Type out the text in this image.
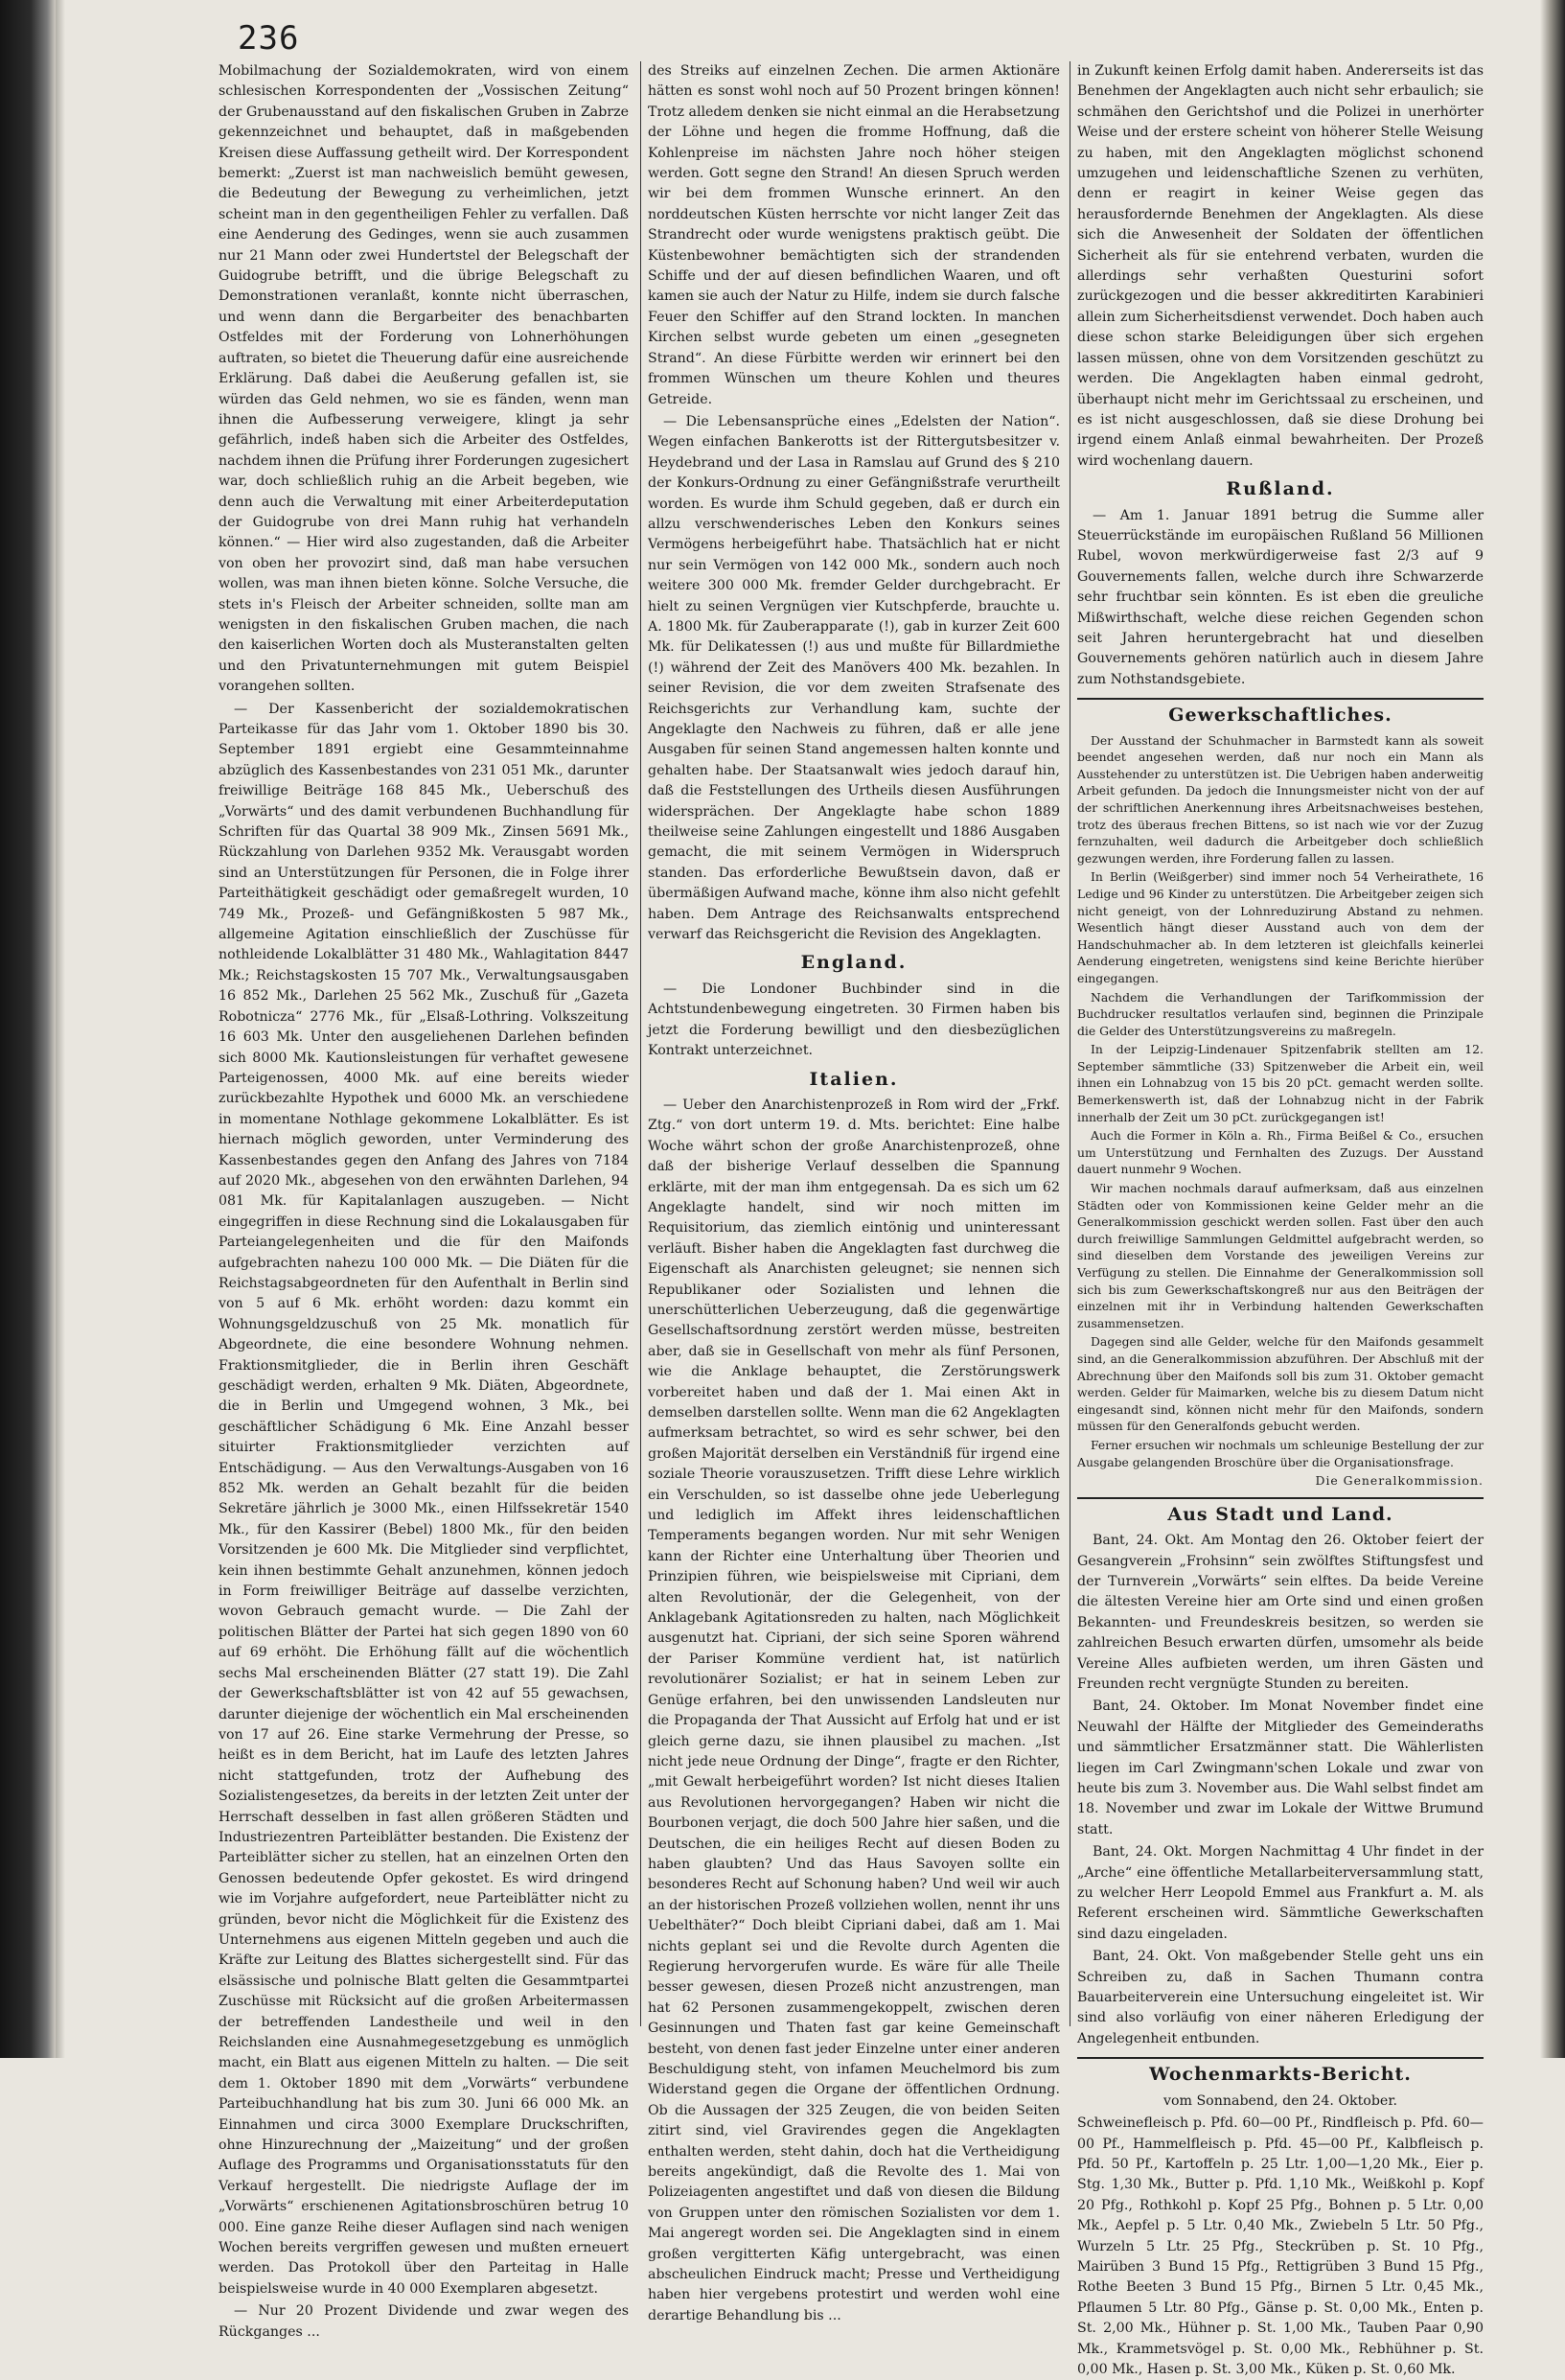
236

Mobilmachung der Sozialdemokraten, wird von einem schlesischen Korrespondenten der „Vossischen Zeitung“ der Grubenausstand auf den fiskalischen Gruben in Zabrze gekennzeichnet und behauptet, daß in maßgebenden Kreisen diese Auffassung getheilt wird. Der Korrespondent bemerkt: „Zuerst ist man nachweislich bemüht gewesen, die Bedeutung der Bewegung zu verheimlichen, jetzt scheint man in den gegentheiligen Fehler zu verfallen. Daß eine Aenderung des Gedinges, wenn sie auch zusammen nur 21 Mann oder zwei Hundertstel der Belegschaft der Guidogrube betrifft, und die übrige Belegschaft zu Demonstrationen veranlaßt, konnte nicht überraschen, und wenn dann die Bergarbeiter des benachbarten Ostfeldes mit der Forderung von Lohnerhöhungen auftraten, so bietet die Theuerung dafür eine ausreichende Erklärung. Daß dabei die Aeußerung gefallen ist, sie würden das Geld nehmen, wo sie es fänden, wenn man ihnen die Aufbesserung verweigere, klingt ja sehr gefährlich, indeß haben sich die Arbeiter des Ostfeldes, nachdem ihnen die Prüfung ihrer Forderungen zugesichert war, doch schließlich ruhig an die Arbeit begeben, wie denn auch die Verwaltung mit einer Arbeiterdeputation der Guidogrube von drei Mann ruhig hat verhandeln können.“ — Hier wird also zugestanden, daß die Arbeiter von oben her provozirt sind, daß man habe versuchen wollen, was man ihnen bieten könne. Solche Versuche, die stets in's Fleisch der Arbeiter schneiden, sollte man am wenigsten in den fiskalischen Gruben machen, die nach den kaiserlichen Worten doch als Musteranstalten gelten und den Privatunternehmungen mit gutem Beispiel vorangehen sollten.

— Der Kassenbericht der sozialdemokratischen Parteikasse für das Jahr vom 1. Oktober 1890 bis 30. September 1891 ergiebt eine Gesammteinnahme abzüglich des Kassenbestandes von 231 051 Mk., darunter freiwillige Beiträge 168 845 Mk., Ueberschuß des „Vorwärts“ und des damit verbundenen Buchhandlung für Schriften für das Quartal 38 909 Mk., Zinsen 5691 Mk., Rückzahlung von Darlehen 9352 Mk. Verausgabt worden sind an Unterstützungen für Personen, die in Folge ihrer Parteithätigkeit geschädigt oder gemaßregelt wurden, 10 749 Mk., Prozeß- und Gefängnißkosten 5 987 Mk., allgemeine Agitation einschließlich der Zuschüsse für nothleidende Lokalblätter 31 480 Mk., Wahlagitation 8447 Mk.; Reichstagskosten 15 707 Mk., Verwaltungsausgaben 16 852 Mk., Darlehen 25 562 Mk., Zuschuß für „Gazeta Robotnicza“ 2776 Mk., für „Elsaß-Lothring. Volkszeitung 16 603 Mk. Unter den ausgeliehenen Darlehen befinden sich 8000 Mk. Kautionsleistungen für verhaftet gewesene Parteigenossen, 4000 Mk. auf eine bereits wieder zurückbezahlte Hypothek und 6000 Mk. an verschiedene in momentane Nothlage gekommene Lokalblätter. Es ist hiernach möglich geworden, unter Verminderung des Kassenbestandes gegen den Anfang des Jahres von 7184 auf 2020 Mk., abgesehen von den erwähnten Darlehen, 94 081 Mk. für Kapitalanlagen auszugeben. — Nicht eingegriffen in diese Rechnung sind die Lokalausgaben für Parteiangelegenheiten und die für den Maifonds aufgebrachten nahezu 100 000 Mk. — Die Diäten für die Reichstagsabgeordneten für den Aufenthalt in Berlin sind von 5 auf 6 Mk. erhöht worden: dazu kommt ein Wohnungsgeldzuschuß von 25 Mk. monatlich für Abgeordnete, die eine besondere Wohnung nehmen. Fraktionsmitglieder, die in Berlin ihren Geschäft geschädigt werden, erhalten 9 Mk. Diäten, Abgeordnete, die in Berlin und Umgegend wohnen, 3 Mk., bei geschäftlicher Schädigung 6 Mk. Eine Anzahl besser situirter Fraktionsmitglieder verzichten auf Entschädigung. — Aus den Verwaltungs-Ausgaben von 16 852 Mk. werden an Gehalt bezahlt für die beiden Sekretäre jährlich je 3000 Mk., einen Hilfssekretär 1540 Mk., für den Kassirer (Bebel) 1800 Mk., für den beiden Vorsitzenden je 600 Mk. Die Mitglieder sind verpflichtet, kein ihnen bestimmte Gehalt anzunehmen, können jedoch in Form freiwilliger Beiträge auf dasselbe verzichten, wovon Gebrauch gemacht wurde. — Die Zahl der politischen Blätter der Partei hat sich gegen 1890 von 60 auf 69 erhöht. Die Erhöhung fällt auf die wöchentlich sechs Mal erscheinenden Blätter (27 statt 19). Die Zahl der Gewerkschaftsblätter ist von 42 auf 55 gewachsen, darunter diejenige der wöchentlich ein Mal erscheinenden von 17 auf 26. Eine starke Vermehrung der Presse, so heißt es in dem Bericht, hat im Laufe des letzten Jahres nicht stattgefunden, trotz der Aufhebung des Sozialistengesetzes, da bereits in der letzten Zeit unter der Herrschaft desselben in fast allen größeren Städten und Industriezentren Parteiblätter bestanden. Die Existenz der Parteiblätter sicher zu stellen, hat an einzelnen Orten den Genossen bedeutende Opfer gekostet. Es wird dringend wie im Vorjahre aufgefordert, neue Parteiblätter nicht zu gründen, bevor nicht die Möglichkeit für die Existenz des Unternehmens aus eigenen Mitteln gegeben und auch die Kräfte zur Leitung des Blattes sichergestellt sind. Für das elsässische und polnische Blatt gelten die Gesammtpartei Zuschüsse mit Rücksicht auf die großen Arbeitermassen der betreffenden Landestheile und weil in den Reichslanden eine Ausnahmegesetzgebung es unmöglich macht, ein Blatt aus eigenen Mitteln zu halten. — Die seit dem 1. Oktober 1890 mit dem „Vorwärts“ verbundene Parteibuchhandlung hat bis zum 30. Juni 66 000 Mk. an Einnahmen und circa 3000 Exemplare Druckschriften, ohne Hinzurechnung der „Maizeitung“ und der großen Auflage des Programms und Organisationsstatuts für den Verkauf hergestellt. Die niedrigste Auflage der im „Vorwärts“ erschienenen Agitationsbroschüren betrug 10 000. Eine ganze Reihe dieser Auflagen sind nach wenigen Wochen bereits vergriffen gewesen und mußten erneuert werden. Das Protokoll über den Parteitag in Halle beispielsweise wurde in 40 000 Exemplaren abgesetzt.

— Nur 20 Prozent Dividende und zwar wegen des Rückganges ...

des Streiks auf einzelnen Zechen. Die armen Aktionäre hätten es sonst wohl noch auf 50 Prozent bringen können! Trotz alledem denken sie nicht einmal an die Herabsetzung der Löhne und hegen die fromme Hoffnung, daß die Kohlenpreise im nächsten Jahre noch höher steigen werden. Gott segne den Strand! An diesen Spruch werden wir bei dem frommen Wunsche erinnert. An den norddeutschen Küsten herrschte vor nicht langer Zeit das Strandrecht oder wurde wenigstens praktisch geübt. Die Küstenbewohner bemächtigten sich der strandenden Schiffe und der auf diesen befindlichen Waaren, und oft kamen sie auch der Natur zu Hilfe, indem sie durch falsche Feuer den Schiffer auf den Strand lockten. In manchen Kirchen selbst wurde gebeten um einen „gesegneten Strand“. An diese Fürbitte werden wir erinnert bei den frommen Wünschen um theure Kohlen und theures Getreide.

— Die Lebensansprüche eines „Edelsten der Nation“. Wegen einfachen Bankerotts ist der Rittergutsbesitzer v. Heydebrand und der Lasa in Ramslau auf Grund des § 210 der Konkurs-Ordnung zu einer Gefängnißstrafe verurtheilt worden. Es wurde ihm Schuld gegeben, daß er durch ein allzu verschwenderisches Leben den Konkurs seines Vermögens herbeigeführt habe. Thatsächlich hat er nicht nur sein Vermögen von 142 000 Mk., sondern auch noch weitere 300 000 Mk. fremder Gelder durchgebracht. Er hielt zu seinen Vergnügen vier Kutschpferde, brauchte u. A. 1800 Mk. für Zauberapparate (!), gab in kurzer Zeit 600 Mk. für Delikatessen (!) aus und mußte für Billardmiethe (!) während der Zeit des Manövers 400 Mk. bezahlen. In seiner Revision, die vor dem zweiten Strafsenate des Reichsgerichts zur Verhandlung kam, suchte der Angeklagte den Nachweis zu führen, daß er alle jene Ausgaben für seinen Stand angemessen halten konnte und gehalten habe. Der Staatsanwalt wies jedoch darauf hin, daß die Feststellungen des Urtheils diesen Ausführungen widersprächen. Der Angeklagte habe schon 1889 theilweise seine Zahlungen eingestellt und 1886 Ausgaben gemacht, die mit seinem Vermögen in Widerspruch standen. Das erforderliche Bewußtsein davon, daß er übermäßigen Aufwand mache, könne ihm also nicht gefehlt haben. Dem Antrage des Reichsanwalts entsprechend verwarf das Reichsgericht die Revision des Angeklagten.

England.

— Die Londoner Buchbinder sind in die Achtstundenbewegung eingetreten. 30 Firmen haben bis jetzt die Forderung bewilligt und den diesbezüglichen Kontrakt unterzeichnet.

Italien.

— Ueber den Anarchistenprozeß in Rom wird der „Frkf. Ztg.“ von dort unterm 19. d. Mts. berichtet: Eine halbe Woche währt schon der große Anarchistenprozeß, ohne daß der bisherige Verlauf desselben die Spannung erklärte, mit der man ihm entgegensah. Da es sich um 62 Angeklagte handelt, sind wir noch mitten im Requisitorium, das ziemlich eintönig und uninteressant verläuft. Bisher haben die Angeklagten fast durchweg die Eigenschaft als Anarchisten geleugnet; sie nennen sich Republikaner oder Sozialisten und lehnen die unerschütterlichen Ueberzeugung, daß die gegenwärtige Gesellschaftsordnung zerstört werden müsse, bestreiten aber, daß sie in Gesellschaft von mehr als fünf Personen, wie die Anklage behauptet, die Zerstörungswerk vorbereitet haben und daß der 1. Mai einen Akt in demselben darstellen sollte. Wenn man die 62 Angeklagten aufmerksam betrachtet, so wird es sehr schwer, bei den großen Majorität derselben ein Verständniß für irgend eine soziale Theorie vorauszusetzen. Trifft diese Lehre wirklich ein Verschulden, so ist dasselbe ohne jede Ueberlegung und lediglich im Affekt ihres leidenschaftlichen Temperaments begangen worden. Nur mit sehr Wenigen kann der Richter eine Unterhaltung über Theorien und Prinzipien führen, wie beispielsweise mit Cipriani, dem alten Revolutionär, der die Gelegenheit, von der Anklagebank Agitationsreden zu halten, nach Möglichkeit ausgenutzt hat. Cipriani, der sich seine Sporen während der Pariser Kommüne verdient hat, ist natürlich revolutionärer Sozialist; er hat in seinem Leben zur Genüge erfahren, bei den unwissenden Landsleuten nur die Propaganda der That Aussicht auf Erfolg hat und er ist gleich gerne dazu, sie ihnen plausibel zu machen. „Ist nicht jede neue Ordnung der Dinge“, fragte er den Richter, „mit Gewalt herbeigeführt worden? Ist nicht dieses Italien aus Revolutionen hervorgegangen? Haben wir nicht die Bourbonen verjagt, die doch 500 Jahre hier saßen, und die Deutschen, die ein heiliges Recht auf diesen Boden zu haben glaubten? Und das Haus Savoyen sollte ein besonderes Recht auf Schonung haben? Und weil wir auch an der historischen Prozeß vollziehen wollen, nennt ihr uns Uebelthäter?“ Doch bleibt Cipriani dabei, daß am 1. Mai nichts geplant sei und die Revolte durch Agenten die Regierung hervorgerufen wurde. Es wäre für alle Theile besser gewesen, diesen Prozeß nicht anzustrengen, man hat 62 Personen zusammengekoppelt, zwischen deren Gesinnungen und Thaten fast gar keine Gemeinschaft besteht, von denen fast jeder Einzelne unter einer anderen Beschuldigung steht, von infamen Meuchelmord bis zum Widerstand gegen die Organe der öffentlichen Ordnung. Ob die Aussagen der 325 Zeugen, die von beiden Seiten zitirt sind, viel Gravirendes gegen die Angeklagten enthalten werden, steht dahin, doch hat die Vertheidigung bereits angekündigt, daß die Revolte des 1. Mai von Polizeiagenten angestiftet und daß von diesen die Bildung von Gruppen unter den römischen Sozialisten vor dem 1. Mai angeregt worden sei. Die Angeklagten sind in einem großen vergitterten Käfig untergebracht, was einen abscheulichen Eindruck macht; Presse und Vertheidigung haben hier vergebens protestirt und werden wohl eine derartige Behandlung bis ...

in Zukunft keinen Erfolg damit haben. Andererseits ist das Benehmen der Angeklagten auch nicht sehr erbaulich; sie schmähen den Gerichtshof und die Polizei in unerhörter Weise und der erstere scheint von höherer Stelle Weisung zu haben, mit den Angeklagten möglichst schonend umzugehen und leidenschaftliche Szenen zu verhüten, denn er reagirt in keiner Weise gegen das herausfordernde Benehmen der Angeklagten. Als diese sich die Anwesenheit der Soldaten der öffentlichen Sicherheit als für sie entehrend verbaten, wurden die allerdings sehr verhaßten Questurini sofort zurückgezogen und die besser akkreditirten Karabinieri allein zum Sicherheitsdienst verwendet. Doch haben auch diese schon starke Beleidigungen über sich ergehen lassen müssen, ohne von dem Vorsitzenden geschützt zu werden. Die Angeklagten haben einmal gedroht, überhaupt nicht mehr im Gerichtssaal zu erscheinen, und es ist nicht ausgeschlossen, daß sie diese Drohung bei irgend einem Anlaß einmal bewahrheiten. Der Prozeß wird wochenlang dauern.

Rußland.

— Am 1. Januar 1891 betrug die Summe aller Steuerrückstände im europäischen Rußland 56 Millionen Rubel, wovon merkwürdigerweise fast 2/3 auf 9 Gouvernements fallen, welche durch ihre Schwarzerde sehr fruchtbar sein könnten. Es ist eben die greuliche Mißwirthschaft, welche diese reichen Gegenden schon seit Jahren heruntergebracht hat und dieselben Gouvernements gehören natürlich auch in diesem Jahre zum Nothstandsgebiete.

Gewerkschaftliches.

Der Ausstand der Schuhmacher in Barmstedt kann als soweit beendet angesehen werden, daß nur noch ein Mann als Ausstehender zu unterstützen ist. Die Uebrigen haben anderweitig Arbeit gefunden. Da jedoch die Innungsmeister nicht von der auf der schriftlichen Anerkennung ihres Arbeitsnachweises bestehen, trotz des überaus frechen Bittens, so ist nach wie vor der Zuzug fernzuhalten, weil dadurch die Arbeitgeber doch schließlich gezwungen werden, ihre Forderung fallen zu lassen.

In Berlin (Weißgerber) sind immer noch 54 Verheirathete, 16 Ledige und 96 Kinder zu unterstützen. Die Arbeitgeber zeigen sich nicht geneigt, von der Lohnreduzirung Abstand zu nehmen. Wesentlich hängt dieser Ausstand auch von dem der Handschuhmacher ab. In dem letzteren ist gleichfalls keinerlei Aenderung eingetreten, wenigstens sind keine Berichte hierüber eingegangen.

Nachdem die Verhandlungen der Tarifkommission der Buchdrucker resultatlos verlaufen sind, beginnen die Prinzipale die Gelder des Unterstützungsvereins zu maßregeln.

In der Leipzig-Lindenauer Spitzenfabrik stellten am 12. September sämmtliche (33) Spitzenweber die Arbeit ein, weil ihnen ein Lohnabzug von 15 bis 20 pCt. gemacht werden sollte. Bemerkenswerth ist, daß der Lohnabzug nicht in der Fabrik innerhalb der Zeit um 30 pCt. zurückgegangen ist!

Auch die Former in Köln a. Rh., Firma Beißel & Co., ersuchen um Unterstützung und Fernhalten des Zuzugs. Der Ausstand dauert nunmehr 9 Wochen.

Wir machen nochmals darauf aufmerksam, daß aus einzelnen Städten oder von Kommissionen keine Gelder mehr an die Generalkommission geschickt werden sollen. Fast über den auch durch freiwillige Sammlungen Geldmittel aufgebracht werden, so sind dieselben dem Vorstande des jeweiligen Vereins zur Verfügung zu stellen. Die Einnahme der Generalkommission soll sich bis zum Gewerkschaftskongreß nur aus den Beiträgen der einzelnen mit ihr in Verbindung haltenden Gewerkschaften zusammensetzen.

Dagegen sind alle Gelder, welche für den Maifonds gesammelt sind, an die Generalkommission abzuführen. Der Abschluß mit der Abrechnung über den Maifonds soll bis zum 31. Oktober gemacht werden. Gelder für Maimarken, welche bis zu diesem Datum nicht eingesandt sind, können nicht mehr für den Maifonds, sondern müssen für den Generalfonds gebucht werden.

Ferner ersuchen wir nochmals um schleunige Bestellung der zur Ausgabe gelangenden Broschüre über die Organisationsfrage.

Die Generalkommission.
Aus Stadt und Land.

Bant, 24. Okt. Am Montag den 26. Oktober feiert der Gesangverein „Frohsinn“ sein zwölftes Stiftungsfest und der Turnverein „Vorwärts“ sein elftes. Da beide Vereine die ältesten Vereine hier am Orte sind und einen großen Bekannten- und Freundeskreis besitzen, so werden sie zahlreichen Besuch erwarten dürfen, umsomehr als beide Vereine Alles aufbieten werden, um ihren Gästen und Freunden recht vergnügte Stunden zu bereiten.

Bant, 24. Oktober. Im Monat November findet eine Neuwahl der Hälfte der Mitglieder des Gemeinderaths und sämmtlicher Ersatzmänner statt. Die Wählerlisten liegen im Carl Zwingmann'schen Lokale und zwar von heute bis zum 3. November aus. Die Wahl selbst findet am 18. November und zwar im Lokale der Wittwe Brumund statt.

Bant, 24. Okt. Morgen Nachmittag 4 Uhr findet in der „Arche“ eine öffentliche Metallarbeiterversammlung statt, zu welcher Herr Leopold Emmel aus Frankfurt a. M. als Referent erscheinen wird. Sämmtliche Gewerkschaften sind dazu eingeladen.

Bant, 24. Okt. Von maßgebender Stelle geht uns ein Schreiben zu, daß in Sachen Thumann contra Bauarbeiterverein eine Untersuchung eingeleitet ist. Wir sind also vorläufig von einer näheren Erledigung der Angelegenheit entbunden.

Wochenmarkts-Bericht.
vom Sonnabend, den 24. Oktober.

Schweinefleisch p. Pfd. 60—00 Pf., Rindfleisch p. Pfd. 60—00 Pf., Hammelfleisch p. Pfd. 45—00 Pf., Kalbfleisch p. Pfd. 50 Pf., Kartoffeln p. 25 Ltr. 1,00—1,20 Mk., Eier p. Stg. 1,30 Mk., Butter p. Pfd. 1,10 Mk., Weißkohl p. Kopf 20 Pfg., Rothkohl p. Kopf 25 Pfg., Bohnen p. 5 Ltr. 0,00 Mk., Aepfel p. 5 Ltr. 0,40 Mk., Zwiebeln 5 Ltr. 50 Pfg., Wurzeln 5 Ltr. 25 Pfg., Steckrüben p. St. 10 Pfg., Mairüben 3 Bund 15 Pfg., Rettigrüben 3 Bund 15 Pfg., Rothe Beeten 3 Bund 15 Pfg., Birnen 5 Ltr. 0,45 Mk., Pflaumen 5 Ltr. 80 Pfg., Gänse p. St. 0,00 Mk., Enten p. St. 2,00 Mk., Hühner p. St. 1,00 Mk., Tauben Paar 0,90 Mk., Krammetsvögel p. St. 0,00 Mk., Rebhühner p. St. 0,00 Mk., Hasen p. St. 3,00 Mk., Küken p. St. 0,60 Mk.
